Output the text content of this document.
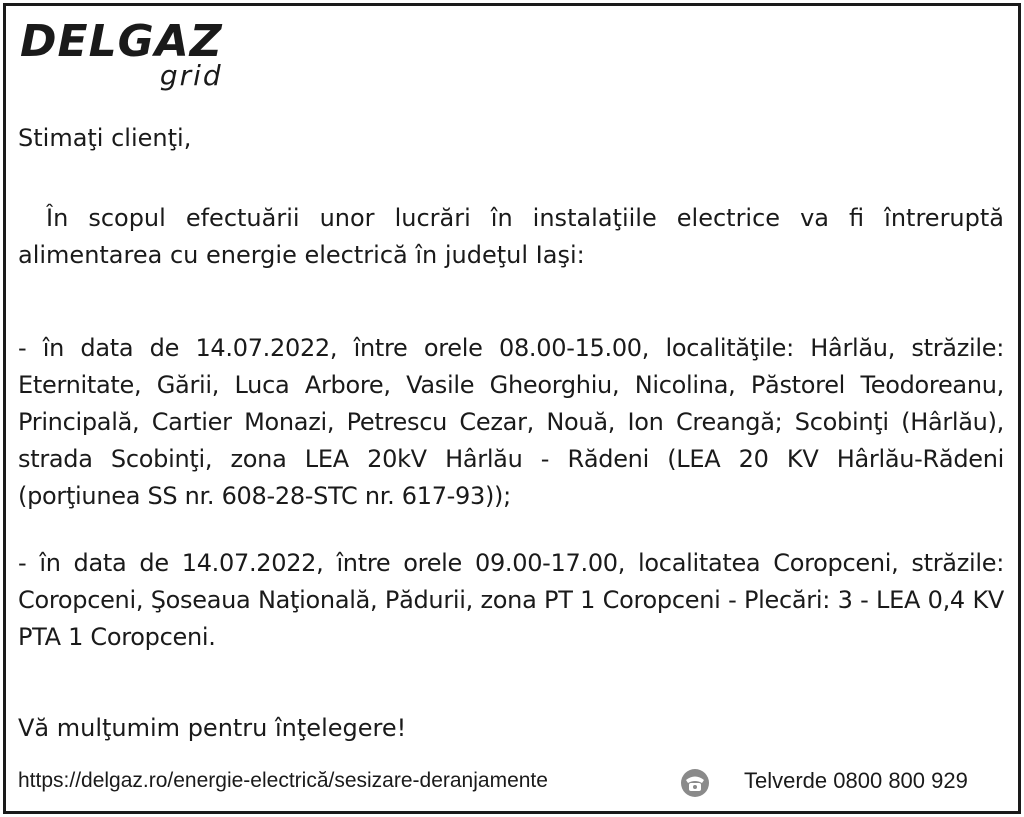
DELGAZ
grid
Stimaţi clienţi,
În scopul efectuării unor lucrări în instalaţiile electrice va fi întreruptă alimentarea cu energie electrică în judeţul Iaşi:
- în data de 14.07.2022, între orele 08.00-15.00, localităţile: Hârlău, străzile: Eternitate, Gării, Luca Arbore, Vasile Gheorghiu, Nicolina, Păstorel Teodoreanu, Principală, Cartier Monazi, Petrescu Cezar, Nouă, Ion Creangă; Scobinţi (Hârlău), strada Scobinţi, zona LEA 20kV Hârlău - Rădeni (LEA 20 KV Hârlău-Rădeni (porţiunea SS nr. 608-28-STC nr. 617-93));
- în data de 14.07.2022, între orele 09.00-17.00, localitatea Coropceni, străzile: Coropceni, Şoseaua Naţională, Pădurii, zona PT 1 Coropceni - Plecări: 3 - LEA 0,4 KV PTA 1 Coropceni.
Vă mulţumim pentru înţelegere!
https://delgaz.ro/energie-electrică/sesizare-deranjamente	Telverde 0800 800 929
